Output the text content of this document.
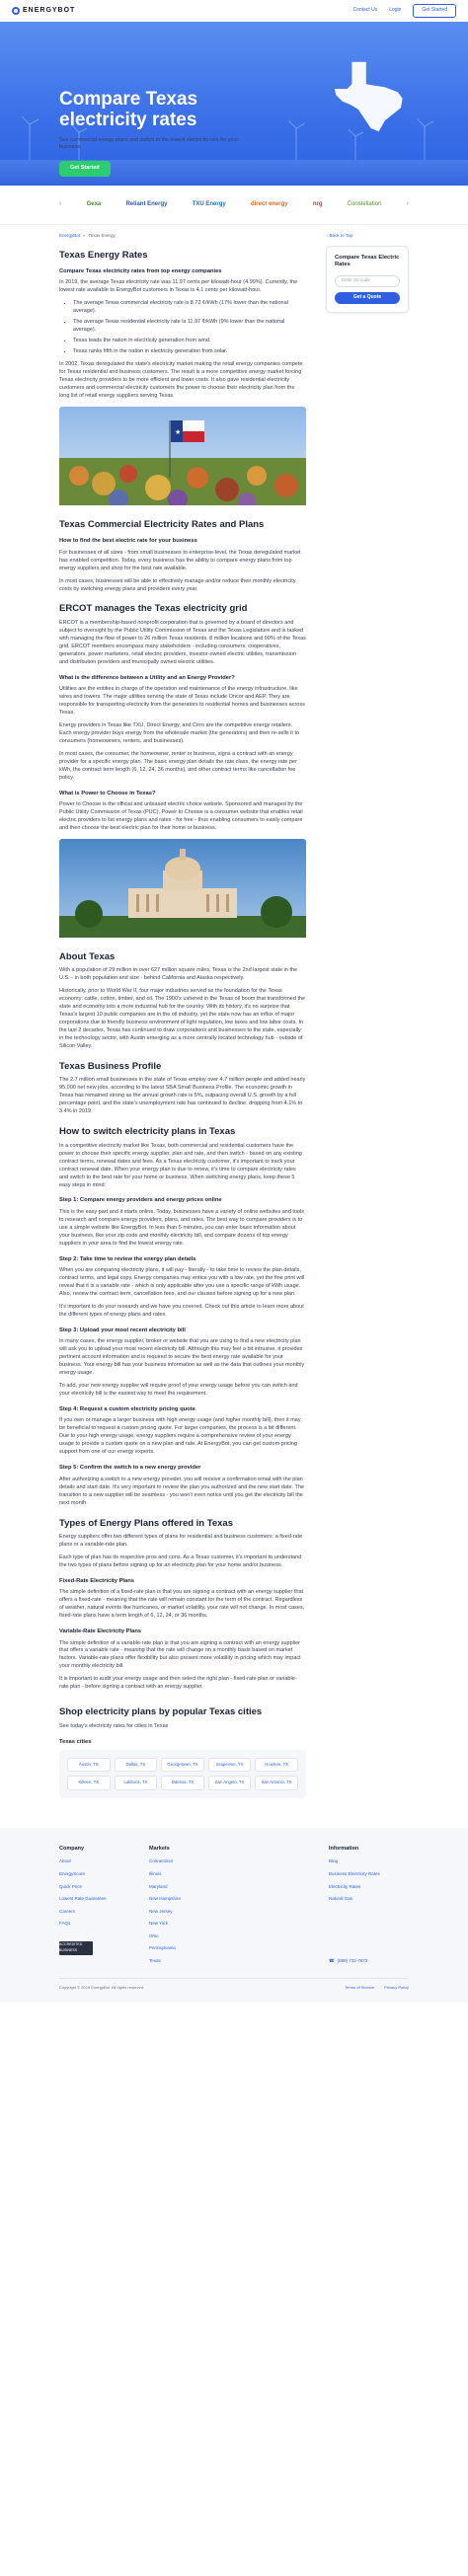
ENERGYBOT	Contact Us Login	Get Started
Compare Texas electricity rates

See commercial energy plans and switch to the lowest electricity rate for your business.

Get Started
‹	Gexa	Reliant Energy	TXU Energy	direct energy	nrg	Constellation	›
EnergyBot » Texas Energy
Texas Energy Rates
Compare Texas electricity rates from top energy companies

In 2019, the average Texas electricity rate was 11.97 cents per kilowatt-hour (4.99%). Currently, the lowest rate available to EnergyBot customers in Texas is 4.1 cents per kilowatt-hour.

• The average Texas commercial electricity rate is 8.72 ¢/kWh (17% lower than the national average).
• The average Texas residential electricity rate is 11.97 ¢/kWh (9% lower than the national average).
• Texas leads the nation in electricity generation from wind.
• Texas ranks fifth in the nation in electricity generation from solar.

In 2002, Texas deregulated the state's electricity market making the retail energy companies compete for Texas residential and business customers. The result is a more competitive energy market forcing Texas electricity providers to be more efficient and lower costs. It also gave residential electricity customers and commercial electricity customers the power to choose their electricity plan from the long list of retail energy suppliers serving Texas.

★
Texas Commercial Electricity Rates and Plans
How to find the best electric rate for your business

For businesses of all sizes - from small businesses to enterprise-level, the Texas deregulated market has enabled competition. Today, every business has the ability to compare energy plans from top energy suppliers and shop for the best rate available.

In most cases, businesses will be able to effectively manage and/or reduce their monthly electricity costs by switching energy plans and providers every year.

ERCOT manages the Texas electricity grid

ERCOT is a membership-based nonprofit corporation that is governed by a board of directors and subject to oversight by the Public Utility Commission of Texas and the Texas Legislature and is tasked with managing the flow of power to 26 million Texas residents. 8 million locations and 90% of the Texas grid. ERCOT members encompass many stakeholders - including consumers, cooperatives, generators, power marketers, retail electric providers, investor-owned electric utilities, transmission and distribution providers and municipally owned electric utilities.

What is the difference between a Utility and an Energy Provider?

Utilities are the entities in charge of the operation and maintenance of the energy infrastructure, like wires and towers. The major utilities serving the state of Texas include Oncor and AEP. They are responsible for transporting electricity from the generators to residential homes and businesses across Texas.

Energy providers in Texas like TXU, Direct Energy, and Cirro are the competitive energy retailers. Each energy provider buys energy from the wholesale market (the generators) and then re-sells it to consumers (homeowners, renters, and businesses).

In most cases, the consumer, the homeowner, renter or business, signs a contract with an energy provider for a specific energy plan. The basic energy plan details the rate class, the energy rate per kWh, the contract term length (6, 12, 24, 36 months), and other contract terms like cancellation fee policy.

What is Power to Choose in Texas?

Power to Choose is the official and unbiased electric choice website. Sponsored and managed by the Public Utility Commission of Texas (PUC), Power to Choose is a consumer website that enables retail electric providers to list energy plans and rates - for free - thus enabling consumers to easily compare and then choose the best electric plan for their home or business.

About Texas

With a population of 29 million in over 627 million square miles, Texas is the 2nd largest state in the U.S. - in both population and size - behind California and Alaska respectively.

Historically, prior to World War II, four major industries served as the foundation for the Texas economy: cattle, cotton, timber, and oil. The 1900's ushered in the Texas oil boom that transformed the state and economy into a more industrial hub for the country. With its history, it's no surprise that Texas's largest 10 public companies are in the oil industry, yet the state now has an influx of major corporations due to friendly business environment of light regulation, low taxes and low labor costs. In the last 2 decades, Texas has continued to draw corporations and businesses to the state, especially in the technology sector, with Austin emerging as a more centrally located technology hub - outside of Silicon Valley.

Texas Business Profile

The 2.7 million small businesses in the state of Texas employ over 4.7 million people and added nearly 95,000 net new jobs, according to the latest SBA Small Business Profile. The economic growth in Texas has remained strong as the annual growth rate is 5%, outpacing overall U.S. growth by a full percentage point, and the state's unemployment rate has continued to decline, dropping from 4.1% to 3.4% in 2019.

How to switch electricity plans in Texas

In a competitive electricity market like Texas, both commercial and residential customers have the power to choose their specific energy supplier, plan and rate, and then switch - based on any existing contract terms, renewal dates and fees. As a Texas electricity customer, it's important to track your contract renewal date. When your energy plan is due to renew, it's time to compare electricity rates and switch to the best rate for your home or business. When switching energy plans, keep these 5 easy steps in mind:

Step 1: Compare energy providers and energy prices online

This is the easy part and it starts online. Today, businesses have a variety of online websites and tools to research and compare energy providers, plans, and rates. The best way to compare providers is to use a simple website like EnergyBot. In less than 5 minutes, you can enter basic information about your business, like your zip code and monthly electricity bill, and compare dozens of top energy suppliers in your area to find the lowest energy rate.

Step 2: Take time to review the energy plan details

When you are comparing electricity plans, it will pay - literally - to take time to review the plan details, contract terms, and legal copy. Energy companies may entice you with a low rate, yet the fine print will reveal that it is a variable rate - which is only applicable after you use a specific range of kWh usage. Also, review the contract term, cancellation fees, and our clauses before signing up for a new plan.

It's important to do your research and we have you covered. Check out this article to learn more about the different types of energy plans and rates.

Step 3: Upload your most recent electricity bill

In many cases, the energy supplier, broker or website that you are using to find a new electricity plan will ask you to upload your most recent electricity bill. Although this may feel a bit intrusive, it provides pertinent account information and is required to secure the best energy rate available for your business. Your energy bill has your business information as well as the data that outlines your monthly energy usage.

To add, your new energy supplier will require proof of your energy usage before you can switch and your electricity bill is the easiest way to meet the requirement.

Step 4: Request a custom electricity pricing quote

If you own or manage a larger business with high energy usage (and higher monthly bill), then it may be beneficial to request a custom pricing quote. For larger companies, the process is a bit different. Due to your high energy usage, energy suppliers require a comprehensive review of your energy usage to provide a custom quote on a new plan and rate. At EnergyBot, you can get custom pricing support from one of our energy experts.

Step 5: Confirm the switch to a new energy provider

After authorizing a switch to a new energy provider, you will receive a confirmation email with the plan details and start date. It's very important to review the plan you authorized and the new start date. The transition to a new supplier will be seamless - you won't even notice until you get the electricity bill the next month.

Types of Energy Plans offered in Texas

Energy suppliers offer two different types of plans for residential and business customers: a fixed-rate plans or a variable-rate plan.

Each type of plan has its respective pros and cons. As a Texas customer, it's important to understand the two types of plans before signing up for an electricity plan for your home and/or business.

Fixed-Rate Electricity Plans

The simple definition of a fixed-rate plan is that you are signing a contract with an energy supplier that offers a fixed-rate - meaning that the rate will remain constant for the term of the contract. Regardless of weather, natural events like hurricanes, or market volatility, your rate will not change. In most cases, fixed-rate plans have a term length of 6, 12, 24, or 36 months.

Variable-Rate Electricity Plans

The simple definition of a variable-rate plan is that you are signing a contract with an energy supplier that offers a variable rate - meaning that the rate will change on a monthly basis based on market factors. Variable-rate plans offer flexibility but also present more volatility in pricing which may impact your monthly electricity bill.

It is important to audit your energy usage and then select the right plan - fixed-rate plan or variable-rate plan - before signing a contract with an energy supplier.

↑ Back to Top
Compare Texas Electric Rates
Enter zip code
Get a Quote
Shop electricity plans by popular Texas cities

See today's electricity rates for cities in Texas

Texas cities
Austin, TX	Dallas, TX	Georgetown, TX	Grapevine, TX	Houston, TX
Killeen, TX	Lubbock, TX	Odessa, TX	San Angelo, TX	San Antonio, TX
Company
About
EnergyScore
Quick Price
Lowest Rate Guarantee
Careers
FAQs
ACCREDITED BUSINESS
Markets
Connecticut
Illinois
Maryland
New Hampshire
New Jersey
New York
Ohio
Pennsylvania
Texas
Information
Blog
Business Electricity Rates
Electricity Rates
Natural Gas
☎ (888) 732-7873
Copyright © 2019 EnergyBot. All rights reserved.	Terms of Service	Privacy Policy
